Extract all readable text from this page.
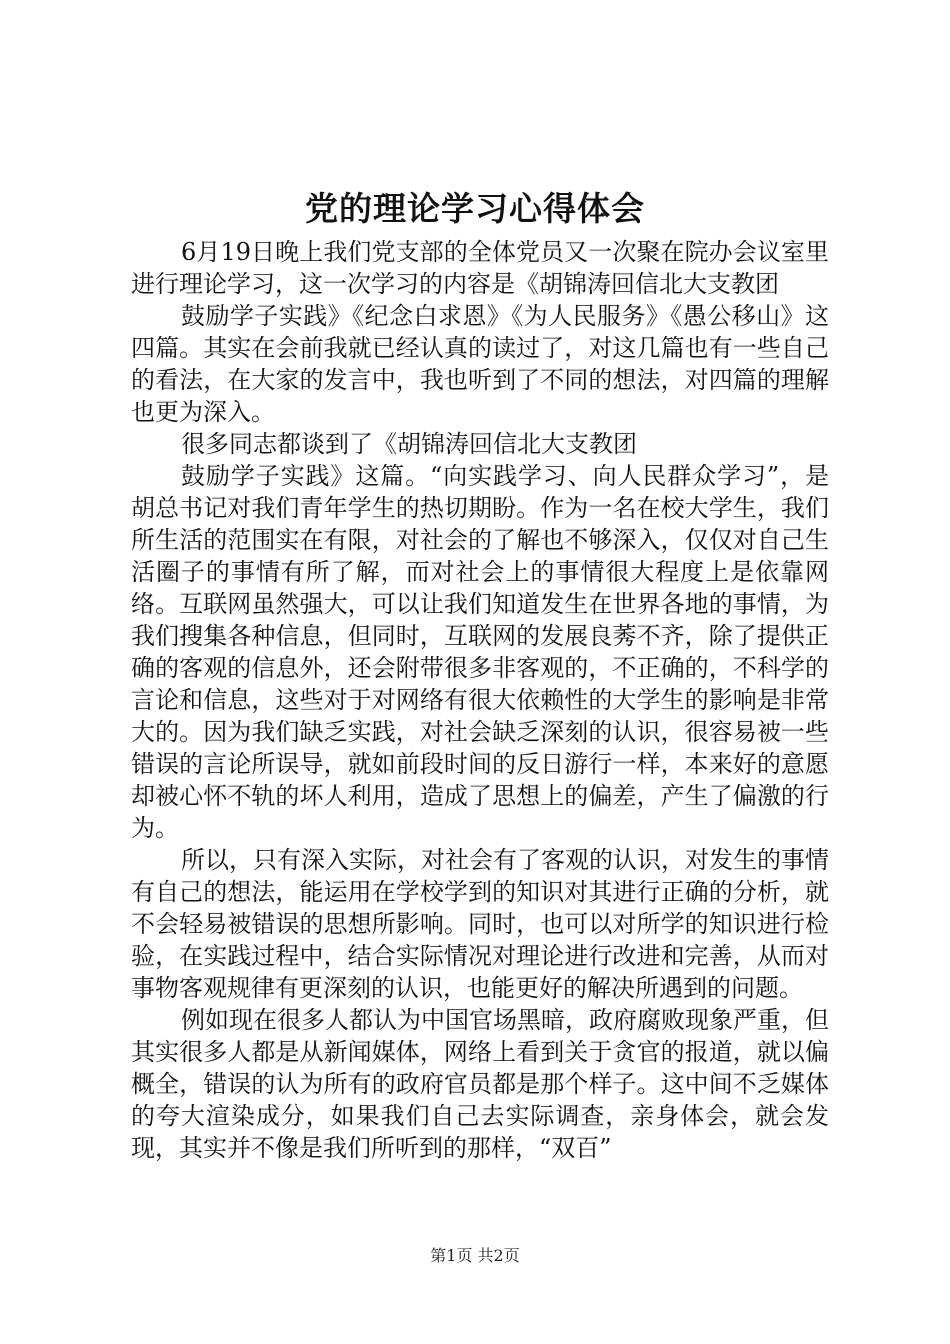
党的理论学习心得体会

6月19日晚上我们党支部的全体党员又一次聚在院办会议室里进行理论学习，这一次学习的内容是《胡锦涛回信北大支教团

鼓励学子实践》《纪念白求恩》《为人民服务》《愚公移山》这四篇。其实在会前我就已经认真的读过了，对这几篇也有一些自己的看法，在大家的发言中，我也听到了不同的想法，对四篇的理解也更为深入。

很多同志都谈到了《胡锦涛回信北大支教团

鼓励学子实践》这篇。“向实践学习、向人民群众学习”，是胡总书记对我们青年学生的热切期盼。作为一名在校大学生，我们所生活的范围实在有限，对社会的了解也不够深入，仅仅对自己生活圈子的事情有所了解，而对社会上的事情很大程度上是依靠网络。互联网虽然强大，可以让我们知道发生在世界各地的事情，为我们搜集各种信息，但同时，互联网的发展良莠不齐，除了提供正确的客观的信息外，还会附带很多非客观的，不正确的，不科学的言论和信息，这些对于对网络有很大依赖性的大学生的影响是非常大的。因为我们缺乏实践，对社会缺乏深刻的认识，很容易被一些错误的言论所误导，就如前段时间的反日游行一样，本来好的意愿却被心怀不轨的坏人利用，造成了思想上的偏差，产生了偏激的行为。

所以，只有深入实际，对社会有了客观的认识，对发生的事情有自己的想法，能运用在学校学到的知识对其进行正确的分析，就不会轻易被错误的思想所影响。同时，也可以对所学的知识进行检验，在实践过程中，结合实际情况对理论进行改进和完善，从而对事物客观规律有更深刻的认识，也能更好的解决所遇到的问题。

例如现在很多人都认为中国官场黑暗，政府腐败现象严重，但其实很多人都是从新闻媒体，网络上看到关于贪官的报道，就以偏概全，错误的认为所有的政府官员都是那个样子。这中间不乏媒体的夸大渲染成分，如果我们自己去实际调查，亲身体会，就会发现，其实并不像是我们所听到的那样，“双百”

第1页 共2页
